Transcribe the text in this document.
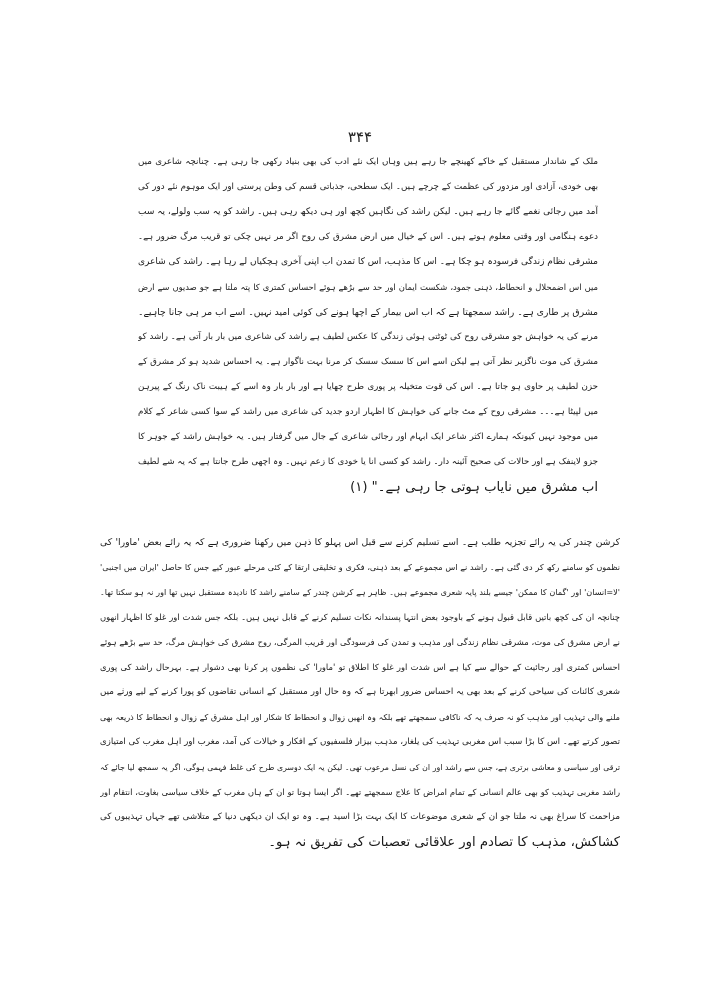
۳۴۴
ملک کے شاندار مستقبل کے خاکے کھینچے جا رہے ہیں وہاں ایک نئے ادب کی بھی بنیاد رکھی جا رہی ہے۔ چنانچہ شاعری میں
بھی خودی، آزادی اور مزدور کی عظمت کے چرچے ہیں۔ ایک سطحی، جذباتی قسم کی وطن پرستی اور ایک موہوم نئے دور کی
آمد میں رجائی نغمے گائے جا رہے ہیں۔ لیکن راشد کی نگاہیں کچھ اور ہی دیکھ رہی ہیں۔ راشد کو یہ سب ولولے، یہ سب
دعوے ہنگامی اور وقتی معلوم ہوتے ہیں۔ اس کے خیال میں ارض مشرق کی روح اگر مر نہیں چکی تو قریب مرگ ضرور ہے۔
مشرقی نظام زندگی فرسودہ ہو چکا ہے۔ اس کا مذہب، اس کا تمدن اب اپنی آخری ہچکیاں لے رہا ہے۔ راشد کی شاعری
میں اس اضمحلال و انحطاط، ذہنی جمود، شکست ایمان اور حد سے بڑھے ہوئے احساس کمتری کا پتہ ملتا ہے جو صدیوں سے ارض
مشرق پر طاری ہے۔ راشد سمجھتا ہے کہ اب اس بیمار کے اچھا ہونے کی کوئی امید نہیں۔ اسے اب مر ہی جانا چاہیے۔
مرنے کی یہ خواہش جو مشرقی روح کی ٹوٹتی ہوئی زندگی کا عکس لطیف ہے راشد کی شاعری میں بار بار آتی ہے۔ راشد کو
مشرق کی موت ناگزیر نظر آتی ہے لیکن اسے اس کا سسک سسک کر مرنا بہت ناگوار ہے۔ یہ احساس شدید ہو کر مشرق کے
حزن لطیف پر حاوی ہو جاتا ہے۔ اس کی قوت متخیلہ پر پوری طرح چھایا ہے اور بار بار وہ اسے کے ہیبت ناک رنگ کے پیرہن
میں لپیٹا ہے۔۔۔ مشرقی روح کے مٹ جانے کی خواہش کا اظہار اردو جدید کی شاعری میں راشد کے سوا کسی شاعر کے کلام
میں موجود نہیں کیونکہ ہمارے اکثر شاعر ایک ابہام اور رجائی شاعری کے جال میں گرفتار ہیں۔ یہ خواہش راشد کے جوہر کا
جزو لاینفک ہے اور حالات کی صحیح آئینہ دار۔ راشد کو کسی انا یا خودی کا زعم نہیں۔ وہ اچھی طرح جانتا ہے کہ یہ شے لطیف
اب مشرق میں نایاب ہوتی جا رہی ہے۔" (۱)
کرشن چندر کی یہ رائے تجزیہ طلب ہے۔ اسے تسلیم کرنے سے قبل اس پہلو کا ذہن میں رکھنا ضروری ہے کہ یہ رائے بعض 'ماورا' کی
نظموں کو سامنے رکھ کر دی گئی ہے۔ راشد نے اس مجموعے کے بعد ذہنی، فکری و تخلیقی ارتقا کے کئی مرحلے عبور کیے جس کا حاصل 'ایران میں اجنبی'
'لا=انسان' اور 'گمان کا ممکن' جیسے بلند پایہ شعری مجموعے ہیں۔ ظاہر ہے کرشن چندر کے سامنے راشد کا نادیدہ مستقبل نہیں تھا اور نہ ہو سکتا تھا۔
چنانچہ ان کی کچھ باتیں قابل قبول ہونے کے باوجود بعض انتہا پسندانہ نکات تسلیم کرنے کے قابل نہیں ہیں۔ بلکہ جس شدت اور غلو کا اظہار انھوں
نے ارض مشرق کی موت، مشرقی نظام زندگی اور مذہب و تمدن کی فرسودگی اور قریب المرگی، روح مشرق کی خواہش مرگ، حد سے بڑھے ہوئے
احساس کمتری اور رجائیت کے حوالے سے کیا ہے اس شدت اور غلو کا اطلاق تو 'ماورا' کی نظموں پر کرنا بھی دشوار ہے۔ بہرحال راشد کی پوری
شعری کائنات کی سیاحی کرنے کے بعد بھی یہ احساس ضرور ابھرتا ہے کہ وہ حال اور مستقبل کے انسانی تقاضوں کو پورا کرنے کے لیے ورثے میں
ملنے والی تہذیب اور مذہب کو نہ صرف یہ کہ ناکافی سمجھتے تھے بلکہ وہ انھیں زوال و انحطاط کا شکار اور اہل مشرق کے زوال و انحطاط کا ذریعہ بھی
تصور کرتے تھے۔ اس کا بڑا سبب اس مغربی تہذیب کی یلغار، مذہب بیزار فلسفیوں کے افکار و خیالات کی آمد، مغرب اور اہل مغرب کی امتیازی
ترقی اور سیاسی و معاشی برتری ہے، جس سے راشد اور ان کی نسل مرعوب تھی۔ لیکن یہ ایک دوسری طرح کی غلط فہمی ہوگی، اگر یہ سمجھ لیا جائے کہ
راشد مغربی تہذیب کو بھی عالم انسانی کے تمام امراض کا علاج سمجھتے تھے۔ اگر ایسا ہوتا تو ان کے ہاں مغرب کے خلاف سیاسی بغاوت، انتقام اور
مزاحمت کا سراغ بھی نہ ملتا جو ان کے شعری موضوعات کا ایک بہت بڑا اسید ہے۔ وہ تو ایک ان دیکھی دنیا کے متلاشی تھے جہاں تہذیبوں کی
کشاکش، مذہب کا تصادم اور علاقائی تعصبات کی تفریق نہ ہو۔
